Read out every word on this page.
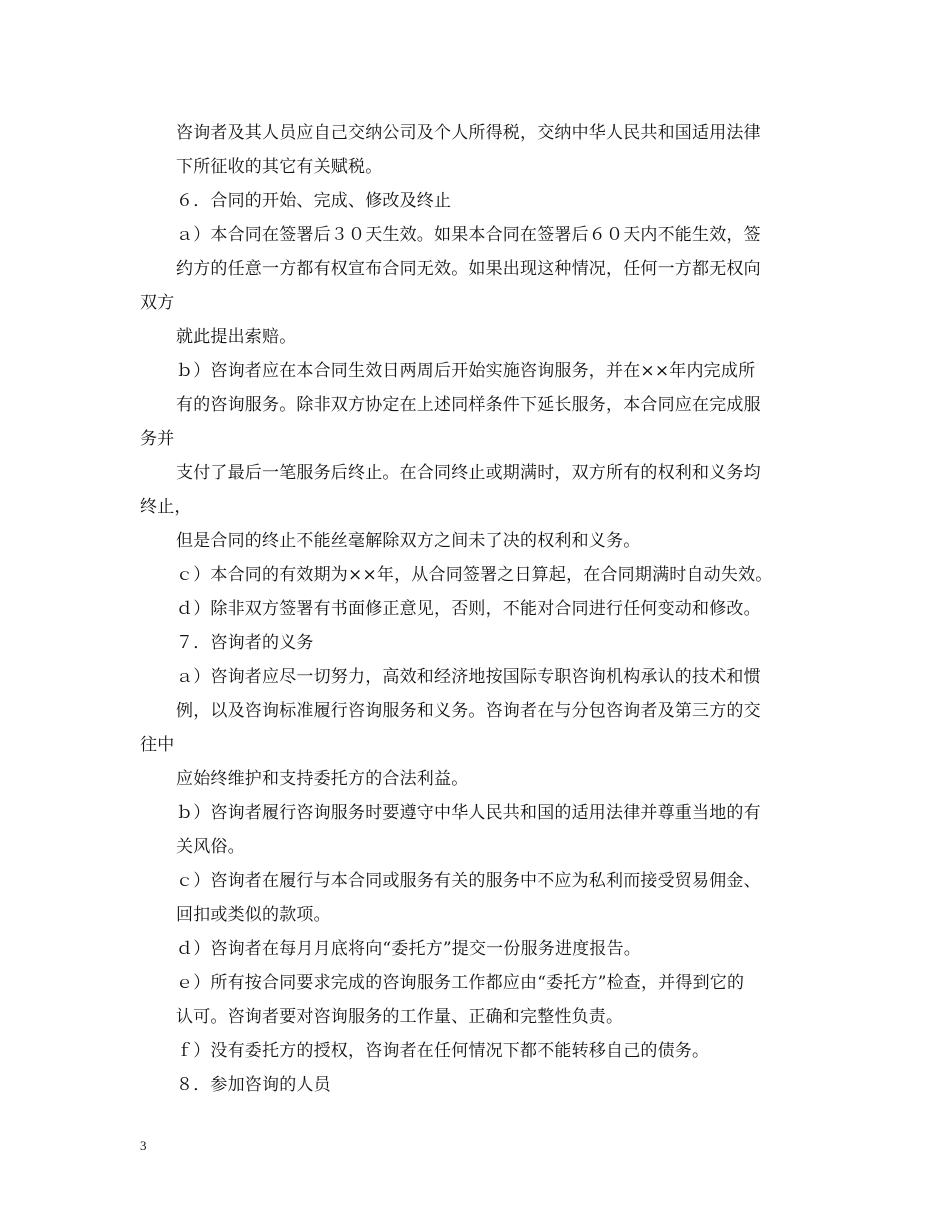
咨询者及其人员应自己交纳公司及个人所得税，交纳中华人民共和国适用法律
下所征收的其它有关赋税。
６．合同的开始、完成、修改及终止
ａ）本合同在签署后３０天生效。如果本合同在签署后６０天内不能生效，签
约方的任意一方都有权宣布合同无效。如果出现这种情况，任何一方都无权向
双方
就此提出索赔。
ｂ）咨询者应在本合同生效日两周后开始实施咨询服务，并在××年内完成所
有的咨询服务。除非双方协定在上述同样条件下延长服务，本合同应在完成服
务并
支付了最后一笔服务后终止。在合同终止或期满时，双方所有的权利和义务均
终止，
但是合同的终止不能丝毫解除双方之间未了决的权利和义务。
ｃ）本合同的有效期为××年，从合同签署之日算起，在合同期满时自动失效。
ｄ）除非双方签署有书面修正意见，否则，不能对合同进行任何变动和修改。
７．咨询者的义务
ａ）咨询者应尽一切努力，高效和经济地按国际专职咨询机构承认的技术和惯
例，以及咨询标准履行咨询服务和义务。咨询者在与分包咨询者及第三方的交
往中
应始终维护和支持委托方的合法利益。
ｂ）咨询者履行咨询服务时要遵守中华人民共和国的适用法律并尊重当地的有
关风俗。
ｃ）咨询者在履行与本合同或服务有关的服务中不应为私利而接受贸易佣金、
回扣或类似的款项。
ｄ）咨询者在每月月底将向“委托方”提交一份服务进度报告。
ｅ）所有按合同要求完成的咨询服务工作都应由“委托方”检查，并得到它的
认可。咨询者要对咨询服务的工作量、正确和完整性负责。
ｆ）没有委托方的授权，咨询者在任何情况下都不能转移自己的债务。
８．参加咨询的人员
3
